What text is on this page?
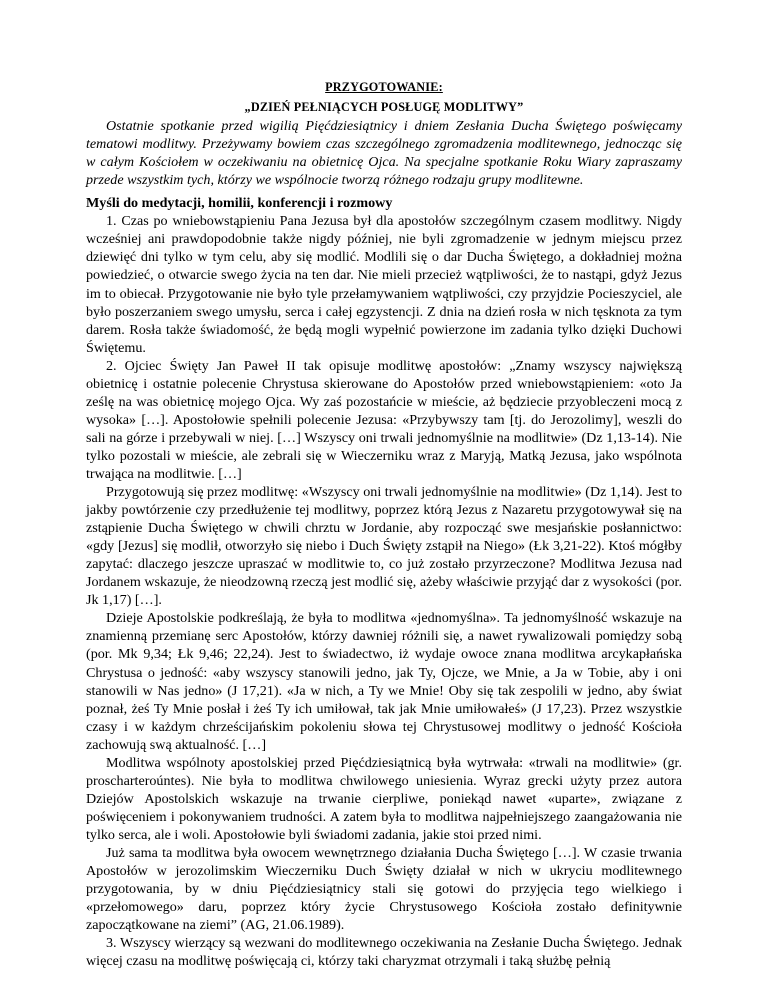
PRZYGOTOWANIE:
„DZIEŃ PEŁNIĄCYCH POSŁUGĘ MODLITWY”

Ostatnie spotkanie przed wigilią Pięćdziesiątnicy i dniem Zesłania Ducha Świętego poświęcamy tematowi modlitwy. Przeżywamy bowiem czas szczególnego zgromadzenia modlitewnego, jednocząc się w całym Kościołem w oczekiwaniu na obietnicę Ojca. Na specjalne spotkanie Roku Wiary zapraszamy przede wszystkim tych, którzy we wspólnocie tworzą różnego rodzaju grupy modlitewne.

Myśli do medytacji, homilii, konferencji i rozmowy

1. Czas po wniebowstąpieniu Pana Jezusa był dla apostołów szczególnym czasem modlitwy. Nigdy wcześniej ani prawdopodobnie także nigdy później, nie byli zgromadzenie w jednym miejscu przez dziewięć dni tylko w tym celu, aby się modlić. Modlili się o dar Ducha Świętego, a dokładniej można powiedzieć, o otwarcie swego życia na ten dar. Nie mieli przecież wątpliwości, że to nastąpi, gdyż Jezus im to obiecał. Przygotowanie nie było tyle przełamywaniem wątpliwości, czy przyjdzie Pocieszyciel, ale było poszerzaniem swego umysłu, serca i całej egzystencji. Z dnia na dzień rosła w nich tęsknota za tym darem. Rosła także świadomość, że będą mogli wypełnić powierzone im zadania tylko dzięki Duchowi Świętemu.

2. Ojciec Święty Jan Paweł II tak opisuje modlitwę apostołów: „Znamy wszyscy największą obietnicę i ostatnie polecenie Chrystusa skierowane do Apostołów przed wniebowstąpieniem: «oto Ja ześlę na was obietnicę mojego Ojca. Wy zaś pozostańcie w mieście, aż będziecie przyobleczeni mocą z wysoka» […]. Apostołowie spełnili polecenie Jezusa: «Przybywszy tam [tj. do Jerozolimy], weszli do sali na górze i przebywali w niej. […] Wszyscy oni trwali jednomyślnie na modlitwie» (Dz 1,13-14). Nie tylko pozostali w mieście, ale zebrali się w Wieczerniku wraz z Maryją, Matką Jezusa, jako wspólnota trwająca na modlitwie. […]

Przygotowują się przez modlitwę: «Wszyscy oni trwali jednomyślnie na modlitwie» (Dz 1,14). Jest to jakby powtórzenie czy przedłużenie tej modlitwy, poprzez którą Jezus z Nazaretu przygotowywał się na zstąpienie Ducha Świętego w chwili chrztu w Jordanie, aby rozpocząć swe mesjańskie posłannictwo: «gdy [Jezus] się modlił, otworzyło się niebo i Duch Święty zstąpił na Niego» (Łk 3,21-22). Ktoś mógłby zapytać: dlaczego jeszcze upraszać w modlitwie to, co już zostało przyrzeczone? Modlitwa Jezusa nad Jordanem wskazuje, że nieodzowną rzeczą jest modlić się, ażeby właściwie przyjąć dar z wysokości (por. Jk 1,17) […].

Dzieje Apostolskie podkreślają, że była to modlitwa «jednomyślna». Ta jednomyślność wskazuje na znamienną przemianę serc Apostołów, którzy dawniej różnili się, a nawet rywalizowali pomiędzy sobą (por. Mk 9,34; Łk 9,46; 22,24). Jest to świadectwo, iż wydaje owoce znana modlitwa arcykapłańska Chrystusa o jedność: «aby wszyscy stanowili jedno, jak Ty, Ojcze, we Mnie, a Ja w Tobie, aby i oni stanowili w Nas jedno» (J 17,21). «Ja w nich, a Ty we Mnie! Oby się tak zespolili w jedno, aby świat poznał, żeś Ty Mnie posłał i żeś Ty ich umiłował, tak jak Mnie umiłowałeś» (J 17,23). Przez wszystkie czasy i w każdym chrześcijańskim pokoleniu słowa tej Chrystusowej modlitwy o jedność Kościoła zachowują swą aktualność. […]

Modlitwa wspólnoty apostolskiej przed Pięćdziesiątnicą była wytrwała: «trwali na modlitwie» (gr. proscharteroúntes). Nie była to modlitwa chwilowego uniesienia. Wyraz grecki użyty przez autora Dziejów Apostolskich wskazuje na trwanie cierpliwe, poniekąd nawet «uparte», związane z poświęceniem i pokonywaniem trudności. A zatem była to modlitwa najpełniejszego zaangażowania nie tylko serca, ale i woli. Apostołowie byli świadomi zadania, jakie stoi przed nimi.

Już sama ta modlitwa była owocem wewnętrznego działania Ducha Świętego […]. W czasie trwania Apostołów w jerozolimskim Wieczerniku Duch Święty działał w nich w ukryciu modlitewnego przygotowania, by w dniu Pięćdziesiątnicy stali się gotowi do przyjęcia tego wielkiego i «przełomowego» daru, poprzez który życie Chrystusowego Kościoła zostało definitywnie zapoczątkowane na ziemi” (AG, 21.06.1989).

3. Wszyscy wierzący są wezwani do modlitewnego oczekiwania na Zesłanie Ducha Świętego. Jednak więcej czasu na modlitwę poświęcają ci, którzy taki charyzmat otrzymali i taką służbę pełnią
